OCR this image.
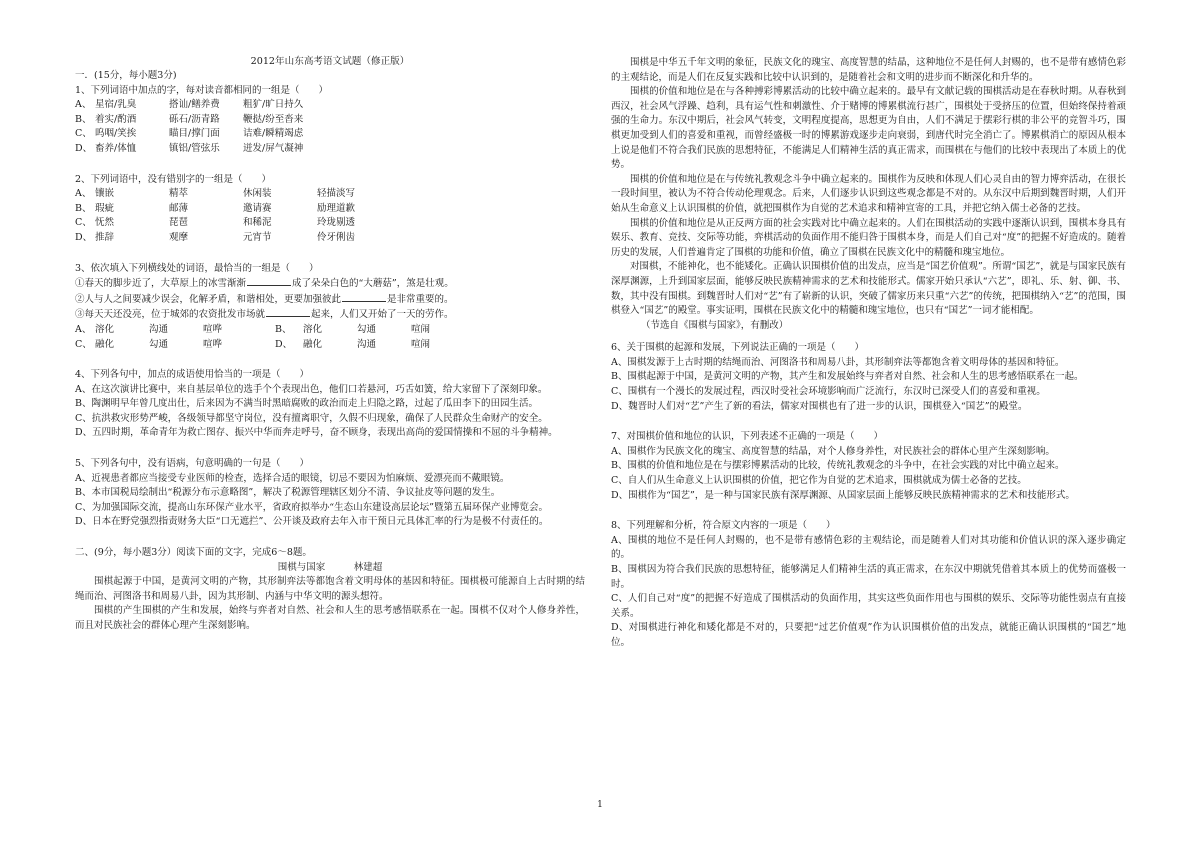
2012年山东高考语文试题（修正版）
一．(15分，每小题3分)
1、下列词语中加点的字，每对读音都相同的一组是（　　）
A、 星宿/乳臭	搭讪/鳝养费	粗犷/旷日持久
B、 着实/酌酒	砾石/沥青路	鞭挞/纷至沓来
C、 呜咽/笑挨	瞄目/撑门面	诘难/瞬精竭虑
D、 畜养/体恤	镇铝/管弦乐	迸发/屏气凝神
2、下列词语中，没有错别字的一组是（　　）
A、 镶嵌	精萃	休闲装	轻描淡写
B、 瑕疵	邮薄	邀请赛	励理道歉
C、 怃然	琵琶	和稀泥	玲珑剔透
D、 推辞	观摩	元宵节	伶牙俐齿
3、依次填入下列横线处的词语，最恰当的一组是（　　）
①春天的脚步近了，大草原上的冰雪渐渐	成了朵朵白色的“大蘑菇”，煞是壮观。
②人与人之间要减少误会，化解矛盾，和谐相处，更要加强彼此	是非常重要的。
③每天天还没亮，位于城郊的农资批发市场就	起来，人们又开始了一天的劳作。
A、 溶化	沟通	喧哗	B、	溶化	勾通	喧闹
C、 融化	勾通	喧哗	D、	融化	沟通	喧闹
4、下列各句中，加点的成语使用恰当的一项是（　　）
A、在这次演讲比赛中，来自基层单位的选手个个表现出色，他们口若悬河，巧舌如簧，给大家留下了深刻印象。
B、陶渊明早年曾几度出仕，后来因为不满当时黑暗腐败的政治而走上归隐之路，过起了瓜田李下的田园生活。
C、抗洪救灾形势严峻，各级领导都坚守岗位，没有擅离职守，久假不归现象，确保了人民群众生命财产的安全。
D、五四时期，革命青年为救亡图存、振兴中华而奔走呼号，奋不顾身，表现出高尚的爱国情操和不屈的斗争精神。
5、下列各句中，没有语病，句意明确的一句是（　　）
A、近视患者都应当接受专业医师的检查，选择合适的眼镜，切忌不要因为怕麻烦、爱漂亮而不戴眼镜。
B、本市国税局绘制出“税源分布示意略图”，解决了税源管理辖区划分不清、争议扯皮等问题的发生。
C、为加强国际交流，提高山东环保产业水平，省政府拟举办“生态山东建设高层论坛”暨第五届环保产业博览会。
D、日本在野党强烈指责财务大臣“口无遮拦”、公开谈及政府去年入市干预日元具体汇率的行为是极不付责任的。
二、(9分，每小题3分）阅读下面的文字，完成6～8题。
围棋与国家　　　林建超
围棋起源于中国，是黄河文明的产物，其形制弈法等都饱含着文明母体的基因和特征。围棋极可能源自上古时期的结绳而治、河图洛书和周易八卦，因为其形制、内涵与中华文明的源头想符。
围棋的产生围棋的产生和发展，始终与弈者对自然、社会和人生的思考感悟联系在一起。围棋不仅对个人修身养性，而且对民族社会的群体心理产生深刻影响。
围棋是中华五千年文明的象征，民族文化的瑰宝、高度智慧的结晶，这种地位不是任何人封赐的，也不是带有感情色彩的主观结论，而是人们在反复实践和比较中认识到的，是随着社会和文明的进步而不断深化和升华的。
围棋的价值和地位是在与各种搏彩博累活动的比较中确立起来的。最早有文献记载的围棋活动是在春秋时期。从春秋到西汉，社会风气浮躁、趋利，具有运气性和刺激性、介于赌博的博累棋流行甚广，围棋处于受挤压的位置，但始终保持着顽强的生命力。东汉中期后，社会风气转变，文明程度提高，思想更为自由，人们不满足于摆彩行棋的非公平的竞智斗巧，围棋更加受到人们的喜爱和重视，而曾经盛极一时的博累游戏逐步走向衰弱，到唐代时完全消亡了。博累棋消亡的原因从根本上说是他们不符合我们民族的思想特征，不能满足人们精神生活的真正需求，而围棋在与他们的比较中表现出了本质上的优势。
围棋的价值和地位是在与传统礼教观念斗争中确立起来的。围棋作为反映和体现人们心灵自由的智力博弈活动，在很长一段时间里，被认为不符合传动伦理观念。后来，人们逐步认识到这些观念都是不对的。从东汉中后期到魏晋时期，人们开始从生命意义上认识围棋的价值，就把围棋作为自觉的艺术追求和精神宣寄的工具，并把它纳入儒士必备的艺技。
围棋的价值和地位是从正反两方面的社会实践对比中确立起来的。人们在围棋活动的实践中逐渐认识到，围棋本身具有娱乐、教育、竞技、交际等功能，弈棋活动的负面作用不能归咎于围棋本身，而是人们自己对“度”的把握不好造成的。随着历史的发展，人们普遍肯定了围棋的功能和价值，确立了围棋在民族文化中的精髓和瑰宝地位。
对围棋，不能神化，也不能矮化。正确认识围棋价值的出发点，应当是“国艺价值观”。所谓“国艺”，就是与国家民族有深厚渊源，上升到国家层面，能够反映民族精神需求的艺术和技能形式。儒家开始只承认“六艺”，即礼、乐、射、御、书、数，其中没有围棋。到魏晋时人们对“艺”有了崭新的认识，突破了儒家历来只重“六艺”的传统，把围棋纳入“艺”的范围，围棋登入“国艺”的殿堂。事实证明，围棋在民族文化中的精髓和瑰宝地位，也只有“国艺”一词才能相配。
（节选自《围棋与国家》，有删改）
6、关于围棋的起源和发展，下列说法正确的一项是（　　）
A、围棋发源于上古时期的结绳而治、河图洛书和周易八卦，其形制弈法等都饱含着文明母体的基因和特征。
B、围棋起源于中国，是黄河文明的产物，其产生和发展始终与弈者对自然、社会和人生的思考感悟联系在一起。
C、围棋有一个漫长的发展过程，西汉时受社会环境影响而广泛流行，东汉时已深受人们的喜爱和重视。
D、魏晋时人们对“艺”产生了新的看法，儒家对围棋也有了进一步的认识，围棋登入“国艺”的殿堂。
7、对围棋价值和地位的认识，下列表述不正确的一项是（　　）
A、围棋作为民族文化的瑰宝、高度智慧的结晶，对个人修身养性，对民族社会的群体心里产生深刻影响。
B、围棋的价值和地位是在与摆彩博累活动的比较，传统礼教观念的斗争中，在社会实践的对比中确立起来。
C、自人们从生命意义上认识围棋的价值，把它作为自觉的艺术追求，围棋就成为儒士必备的艺技。
D、围棋作为“国艺”，是一种与国家民族有深厚渊源、从国家层面上能够反映民族精神需求的艺术和技能形式。
8、下列理解和分析，符合原文内容的一项是（　　）
A、围棋的地位不是任何人封赐的，也不是带有感情色彩的主观结论，而是随着人们对其功能和价值认识的深入逐步确定的。
B、围棋因为符合我们民族的思想特征，能够满足人们精神生活的真正需求，在东汉中期就凭借着其本质上的优势而盛极一时。
C、人们自己对“度”的把握不好造成了围棋活动的负面作用，其实这些负面作用也与围棋的娱乐、交际等功能性弱点有直接关系。
D、对围棋进行神化和矮化都是不对的，只要把“过艺价值观”作为认识围棋价值的出发点，就能正确认识围棋的“国艺”地位。
1
